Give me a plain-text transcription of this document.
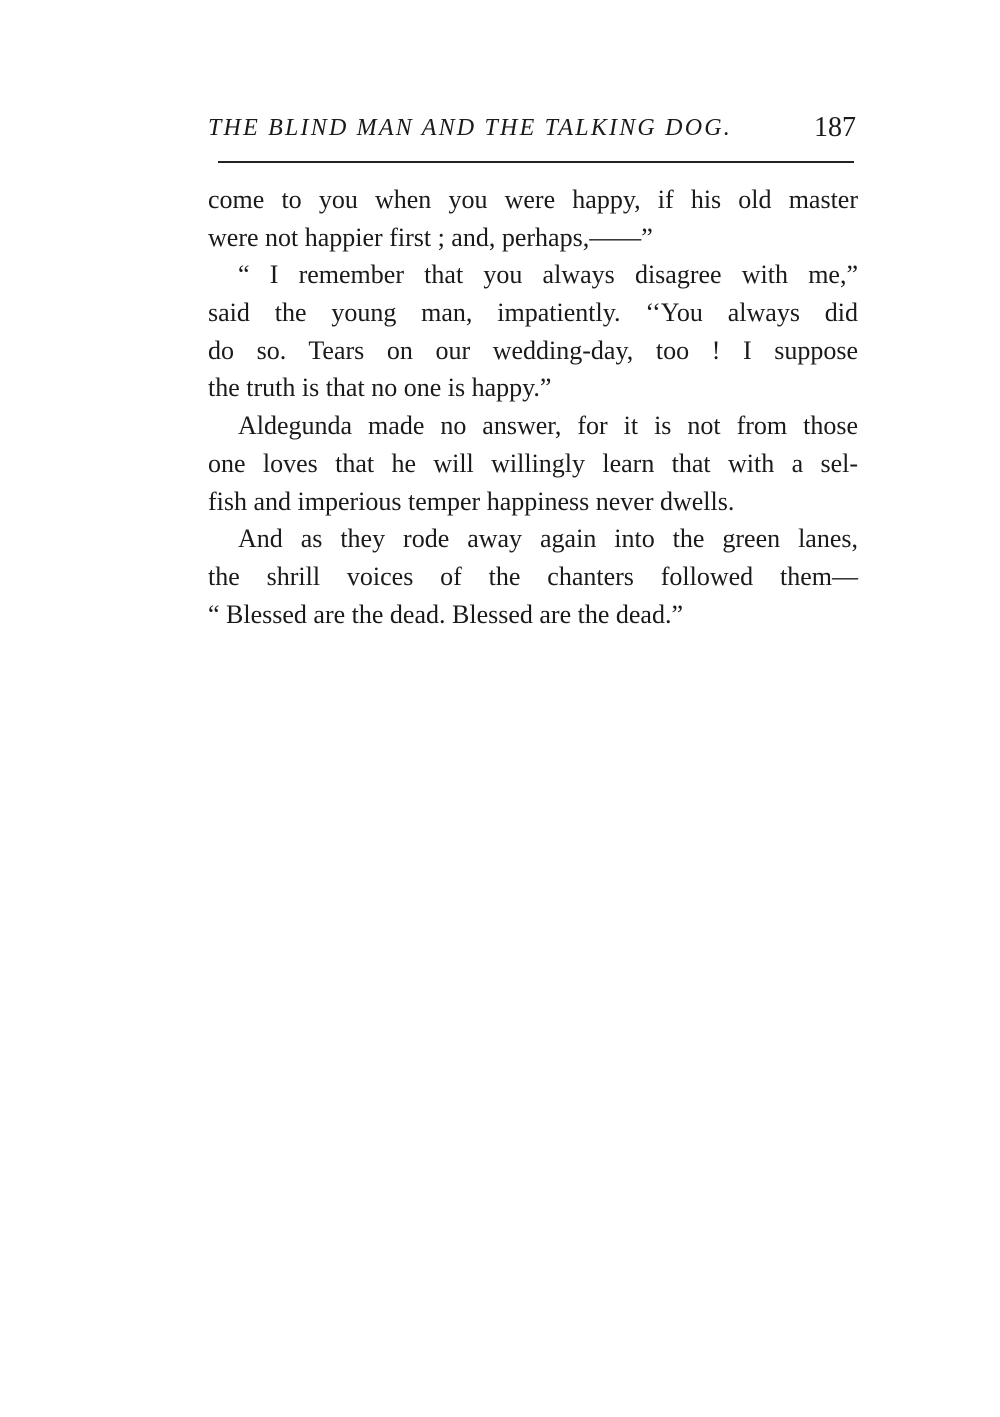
THE BLIND MAN AND THE TALKING DOG.	187
come to you when you were happy, if his old master
were not happier first ; and, perhaps,——”
“ I remember that you always disagree with me,”
said the young man, impatiently. ‘‘You always did
do so. Tears on our wedding-day, too ! I suppose
the truth is that no one is happy.”
Aldegunda made no answer, for it is not from those
one loves that he will willingly learn that with a sel-
fish and imperious temper happiness never dwells.
And as they rode away again into the green lanes,
the shrill voices of the chanters followed them—
“ Blessed are the dead. Blessed are the dead.”
